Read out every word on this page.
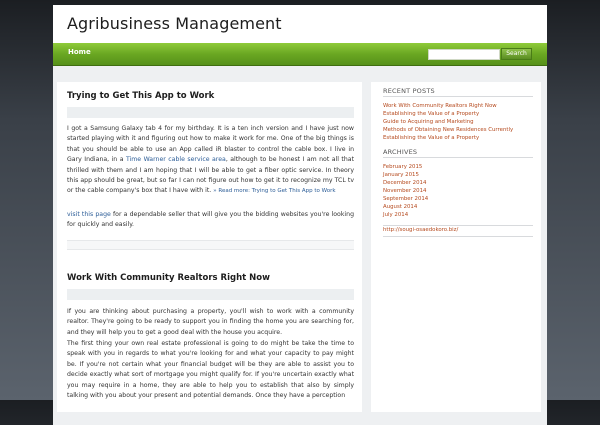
Agribusiness Management
Home	Search
Trying to Get This App to Work

I got a Samsung Galaxy tab 4 for my birthday. It is a ten inch version and I have just now started playing with it and figuring out how to make it work for me. One of the big things is that you should be able to use an App called iR blaster to control the cable box. I live in Gary Indiana, in a Time Warner cable service area, although to be honest I am not all that thrilled with them and I am hoping that I will be able to get a fiber optic service. In theory this app should be great, but so far I can not figure out how to get it to recognize my TCL tv or the cable company's box that I have with it. » Read more: Trying to Get This App to Work

visit this page for a dependable seller that will give you the bidding websites you're looking for quickly and easily.

Work With Community Realtors Right Now

If you are thinking about purchasing a property, you'll wish to work with a community realtor. They're going to be ready to support you in finding the home you are searching for, and they will help you to get a good deal with the house you acquire.

The first thing your own real estate professional is going to do might be take the time to speak with you in regards to what you're looking for and what your capacity to pay might be. If you're not certain what your financial budget will be they are able to assist you to decide exactly what sort of mortgage you might qualify for. If you're uncertain exactly what you may require in a home, they are able to help you to establish that also by simply talking with you about your present and potential demands. Once they have a perception

RECENT POSTS
Work With Community Realtors Right Now
Establishing the Value of a Property
Guide to Acquiring and Marketing
Methods of Obtaining New Residences Currently
Establishing the Value of a Property
ARCHIVES
February 2015
January 2015
December 2014
November 2014
September 2014
August 2014
July 2014
http://sougi-osaedokoro.biz/
